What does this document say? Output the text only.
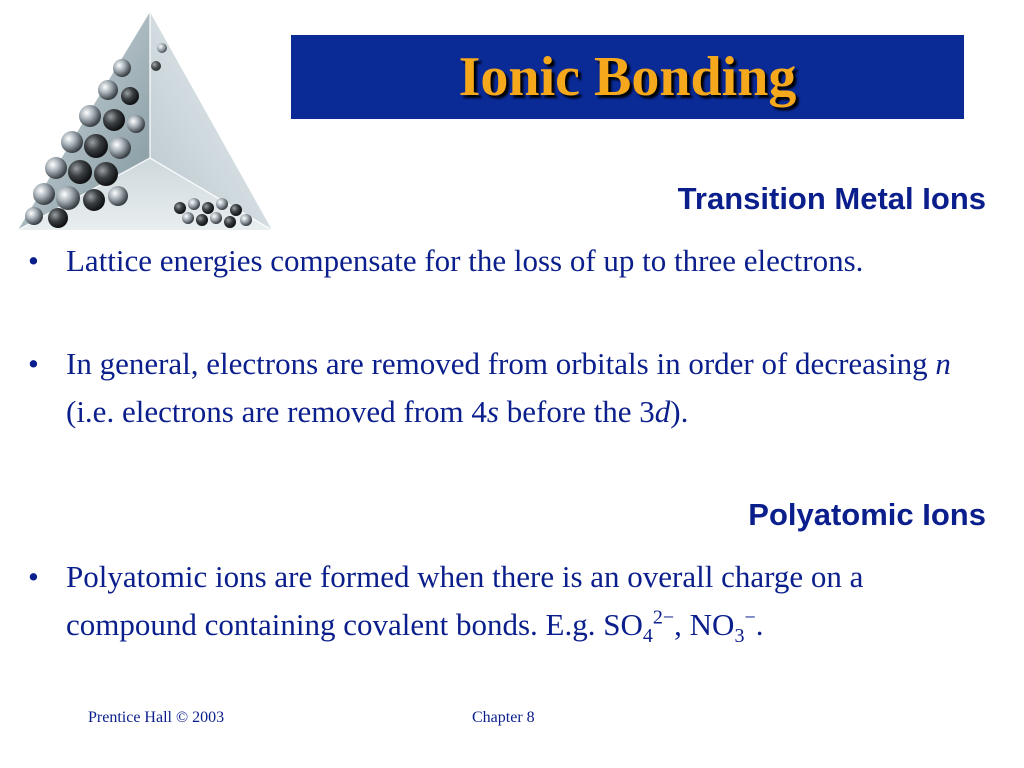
Ionic Bonding
Transition Metal Ions
• Lattice energies compensate for the loss of up to three electrons.
• In general, electrons are removed from orbitals in order of decreasing n (i.e. electrons are removed from 4s before the 3d).
Polyatomic Ions
• Polyatomic ions are formed when there is an overall charge on a compound containing covalent bonds. E.g. $SO_4^{2-}$, $NO_3^-$.
Prentice Hall © 2003	Chapter 8
